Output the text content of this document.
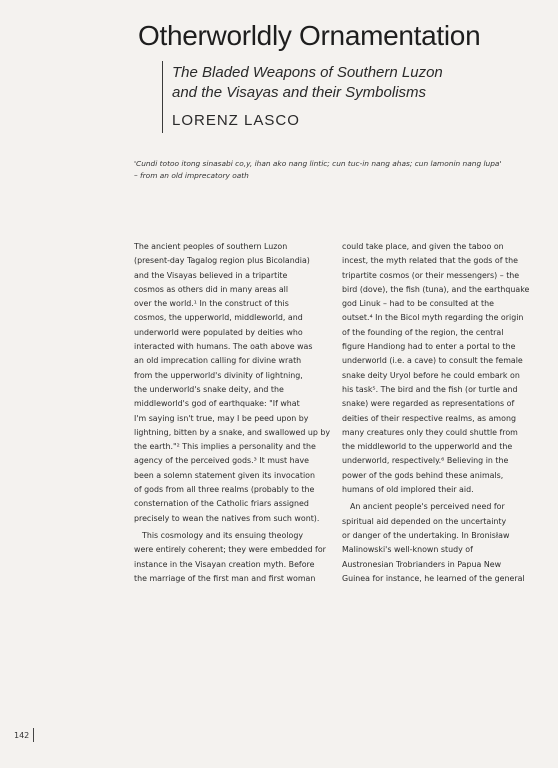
Otherworldly Ornamentation
The Bladed Weapons of Southern Luzon
and the Visayas and their Symbolisms
LORENZ LASCO
'Cundi totoo itong sinasabi co,y, ihan ako nang lintic; cun tuc-in nang ahas; cun lamonin nang lupa'
– from an old imprecatory oath
The ancient peoples of southern Luzon
(present-day Tagalog region plus Bicolandia)
and the Visayas believed in a tripartite
cosmos as others did in many areas all
over the world.¹ In the construct of this
cosmos, the upperworld, middleworld, and
underworld were populated by deities who
interacted with humans. The oath above was
an old imprecation calling for divine wrath
from the upperworld's divinity of lightning,
the underworld's snake deity, and the
middleworld's god of earthquake: "If what
I'm saying isn't true, may I be peed upon by
lightning, bitten by a snake, and swallowed up by
the earth."² This implies a personality and the
agency of the perceived gods.³ It must have
been a solemn statement given its invocation
of gods from all three realms (probably to the
consternation of the Catholic friars assigned
precisely to wean the natives from such wont).
This cosmology and its ensuing theology
were entirely coherent; they were embedded for
instance in the Visayan creation myth. Before
the marriage of the first man and first woman
could take place, and given the taboo on
incest, the myth related that the gods of the
tripartite cosmos (or their messengers) – the
bird (dove), the fish (tuna), and the earthquake
god Linuk – had to be consulted at the
outset.⁴ In the Bicol myth regarding the origin
of the founding of the region, the central
figure Handiong had to enter a portal to the
underworld (i.e. a cave) to consult the female
snake deity Uryol before he could embark on
his task⁵. The bird and the fish (or turtle and
snake) were regarded as representations of
deities of their respective realms, as among
many creatures only they could shuttle from
the middleworld to the upperworld and the
underworld, respectively.⁶ Believing in the
power of the gods behind these animals,
humans of old implored their aid.
An ancient people's perceived need for
spiritual aid depended on the uncertainty
or danger of the undertaking. In Bronisław
Malinowski's well-known study of
Austronesian Trobrianders in Papua New
Guinea for instance, he learned of the general
142
